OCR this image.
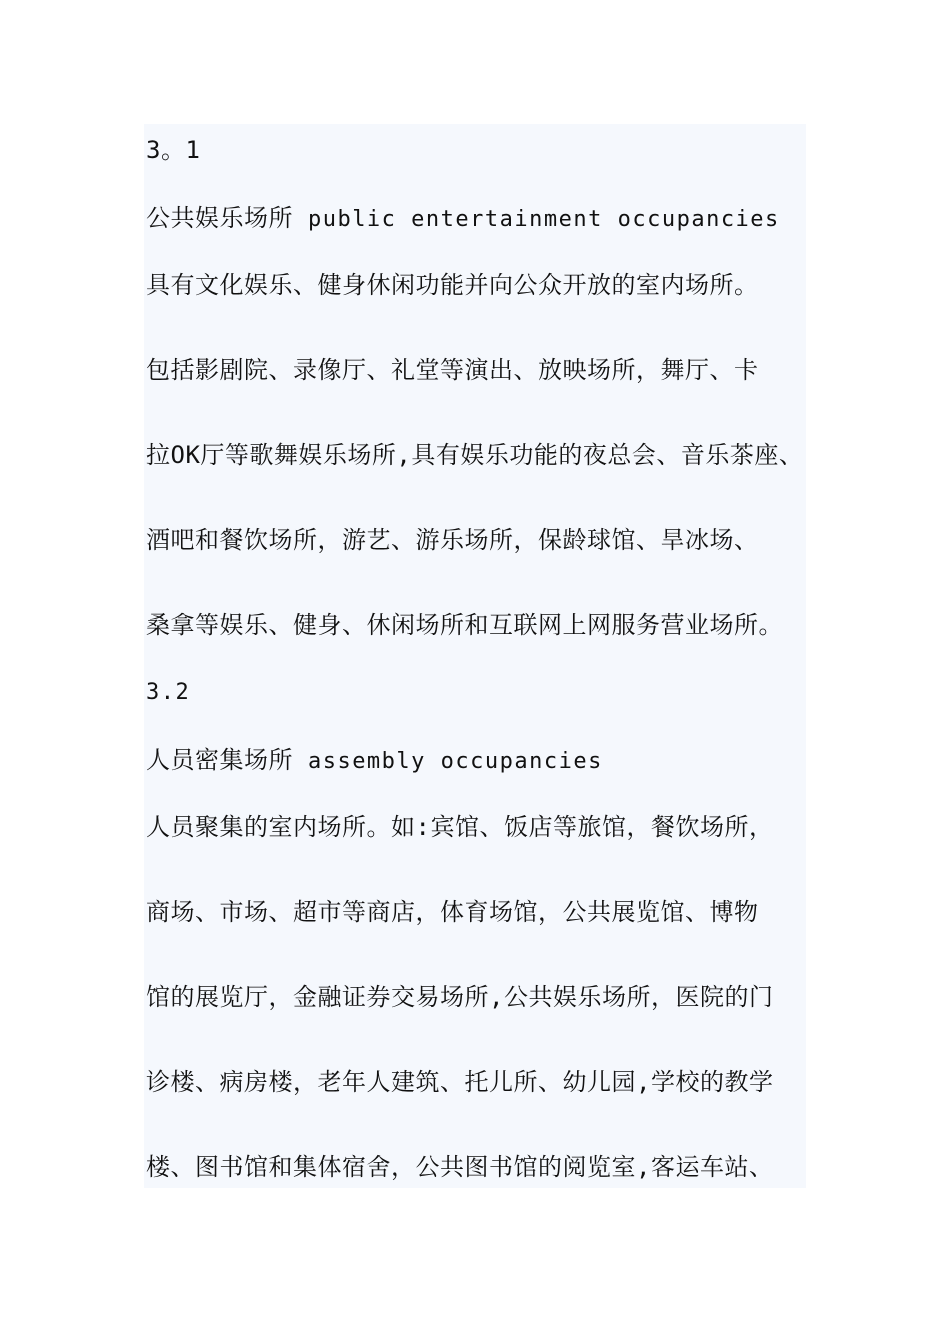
3。1
公共娱乐场所 public entertainment occupancies
具有文化娱乐、健身休闲功能并向公众开放的室内场所。
包括影剧院、录像厅、礼堂等演出、放映场所，舞厅、卡
拉OK厅等歌舞娱乐场所,具有娱乐功能的夜总会、音乐茶座、
酒吧和餐饮场所，游艺、游乐场所，保龄球馆、旱冰场、
桑拿等娱乐、健身、休闲场所和互联网上网服务营业场所。
3.2
人员密集场所 assembly occupancies
人员聚集的室内场所。如:宾馆、饭店等旅馆，餐饮场所，
商场、市场、超市等商店，体育场馆，公共展览馆、博物
馆的展览厅，金融证券交易场所,公共娱乐场所，医院的门
诊楼、病房楼，老年人建筑、托儿所、幼儿园,学校的教学
楼、图书馆和集体宿舍，公共图书馆的阅览室,客运车站、
